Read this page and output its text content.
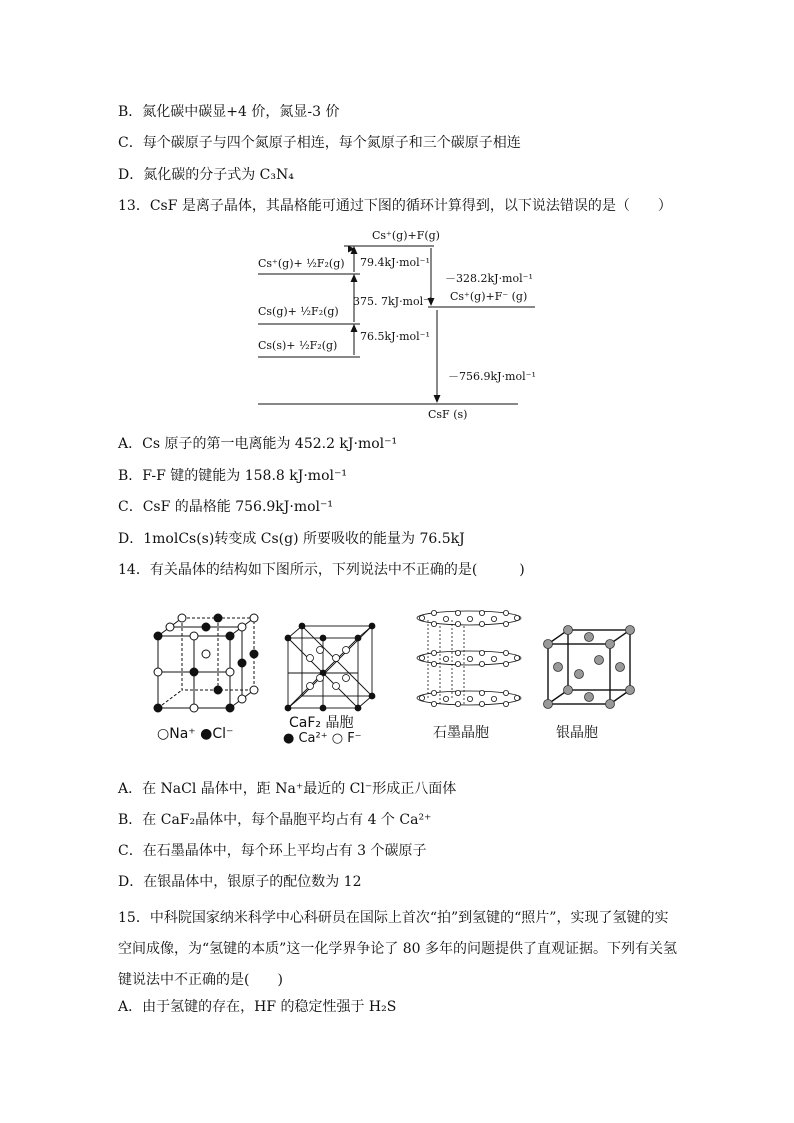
B．氮化碳中碳显+4 价，氮显-3 价
C．每个碳原子与四个氮原子相连，每个氮原子和三个碳原子相连
D．氮化碳的分子式为 C₃N₄
13．CsF 是离子晶体，其晶格能可通过下图的循环计算得到，以下说法错误的是（　　）
Cs⁺(g)+F(g)
Cs⁺(g)+ ½F₂(g)
Cs(g)+ ½F₂(g)
Cs(s)+ ½F₂(g)
Cs⁺(g)+F⁻ (g)
CsF (s)
79.4kJ·mol⁻¹
375. 7kJ·mol⁻¹
76.5kJ·mol⁻¹
－328.2kJ·mol⁻¹
－756.9kJ·mol⁻¹
A．Cs 原子的第一电离能为 452.2 kJ·mol⁻¹
B．F-F 键的键能为 158.8 kJ·mol⁻¹
C．CsF 的晶格能 756.9kJ·mol⁻¹
D．1molCs(s)转变成 Cs(g) 所要吸收的能量为 76.5kJ
14．有关晶体的结构如下图所示，下列说法中不正确的是(　　　)
○Na⁺ ●Cl⁻
CaF₂ 晶胞
● Ca²⁺ ○ F⁻	石墨晶胞	银晶胞
A．在 NaCl 晶体中，距 Na⁺最近的 Cl⁻形成正八面体
B．在 CaF₂晶体中，每个晶胞平均占有 4 个 Ca²⁺
C．在石墨晶体中，每个环上平均占有 3 个碳原子
D．在银晶体中，银原子的配位数为 12
15．中科院国家纳米科学中心科研员在国际上首次“拍”到氢键的“照片”，实现了氢键的实空间成像，为“氢键的本质”这一化学界争论了 80 多年的问题提供了直观证据。下列有关氢键说法中不正确的是(　　)
A．由于氢键的存在，HF 的稳定性强于 H₂S
